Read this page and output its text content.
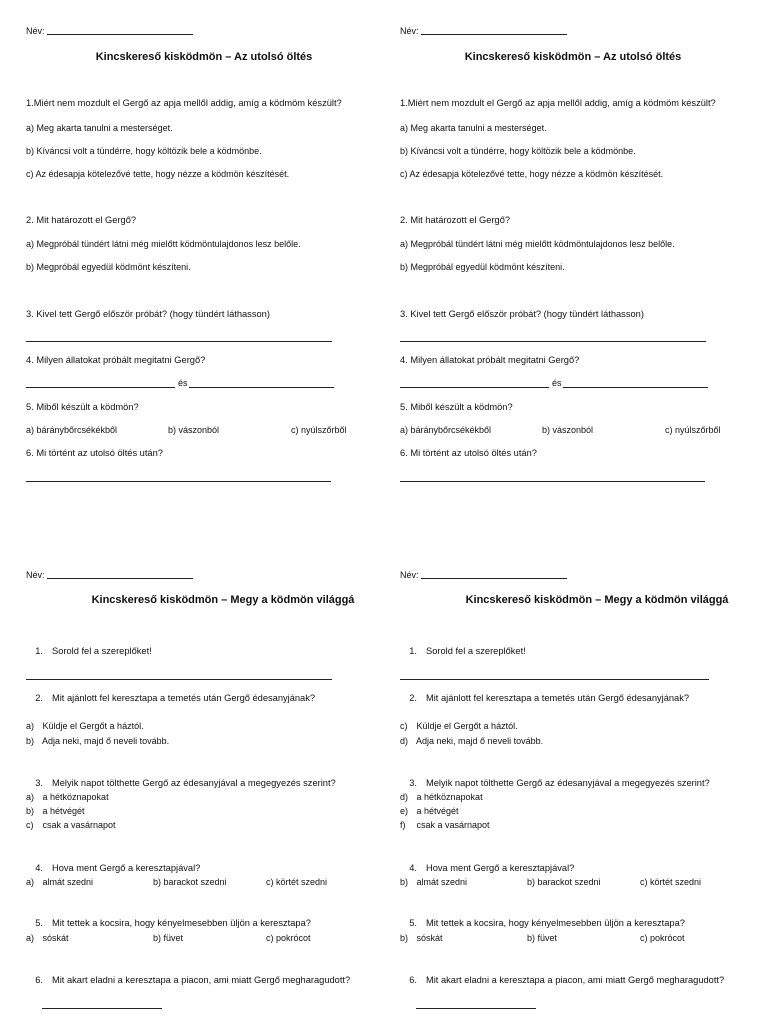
Név:
Kincskereső kisködmön – Az utolsó öltés
1.Miért nem mozdult el Gergő az apja mellől addig, amíg a ködmöm készült?
a) Meg akarta tanulni a mesterséget.
b) Kíváncsi volt a tündérre, hogy költözik bele a ködmönbe.
c) Az édesapja kötelezővé tette, hogy nézze a ködmön készítését.
2. Mit határozott el Gergő?
a) Megpróbál tündért látni még mielőtt ködmöntulajdonos lesz belőle.
b) Megpróbál egyedül ködmönt készíteni.
3. Kivel tett Gergő először próbát? (hogy tündért láthasson)
4. Milyen állatokat próbált megitatni Gergő?
és
5. Miből készült a ködmön?
a) báránybőrcsékékből	b) vászonból	c) nyúlszőrből
6. Mi történt az utolsó öltés után?
Név:
Kincskereső kisködmön – Az utolsó öltés
1.Miért nem mozdult el Gergő az apja mellől addig, amíg a ködmöm készült?
a) Meg akarta tanulni a mesterséget.
b) Kíváncsi volt a tündérre, hogy költözik bele a ködmönbe.
c) Az édesapja kötelezővé tette, hogy nézze a ködmön készítését.
2. Mit határozott el Gergő?
a) Megpróbál tündért látni még mielőtt ködmöntulajdonos lesz belőle.
b) Megpróbál egyedül ködmönt készíteni.
3. Kivel tett Gergő először próbát? (hogy tündért láthasson)
4. Milyen állatokat próbált megitatni Gergő?
és
5. Miből készült a ködmön?
a) báránybőrcsékékből	b) vászonból	c) nyúlszőrből
6. Mi történt az utolsó öltés után?
Név:
Kincskereső kisködmön – Megy a ködmön világgá
1. Sorold fel a szereplőket!
2. Mit ajánlott fel keresztapa a temetés után Gergő édesanyjának?
a) Küldje el Gergőt a háztól.
b) Adja neki, majd ő neveli tovább.
3. Melyik napot tölthette Gergő az édesanyjával a megegyezés szerint?
a) a hétköznapokat
b) a hétvégét
c) csak a vasárnapot
4. Hova ment Gergő a keresztapjával?
a) almát szedni	b) barackot szedni	c) körtét szedni
5. Mit tettek a kocsira, hogy kényelmesebben üljön a keresztapa?
a) sóskát	b) füvet	c) pokrócot
6. Mit akart eladni a keresztapa a piacon, ami miatt Gergő megharagudott?
Név:
Kincskereső kisködmön – Megy a ködmön világgá
1. Sorold fel a szereplőket!
2. Mit ajánlott fel keresztapa a temetés után Gergő édesanyjának?
c) Küldje el Gergőt a háztól.
d) Adja neki, majd ő neveli tovább.
3. Melyik napot tölthette Gergő az édesanyjával a megegyezés szerint?
d) a hétköznapokat
e) a hétvégét
f) csak a vasárnapot
4. Hova ment Gergő a keresztapjával?
b) almát szedni	b) barackot szedni	c) körtét szedni
5. Mit tettek a kocsira, hogy kényelmesebben üljön a keresztapa?
b) sóskát	b) füvet	c) pokrócot
6. Mit akart eladni a keresztapa a piacon, ami miatt Gergő megharagudott?
